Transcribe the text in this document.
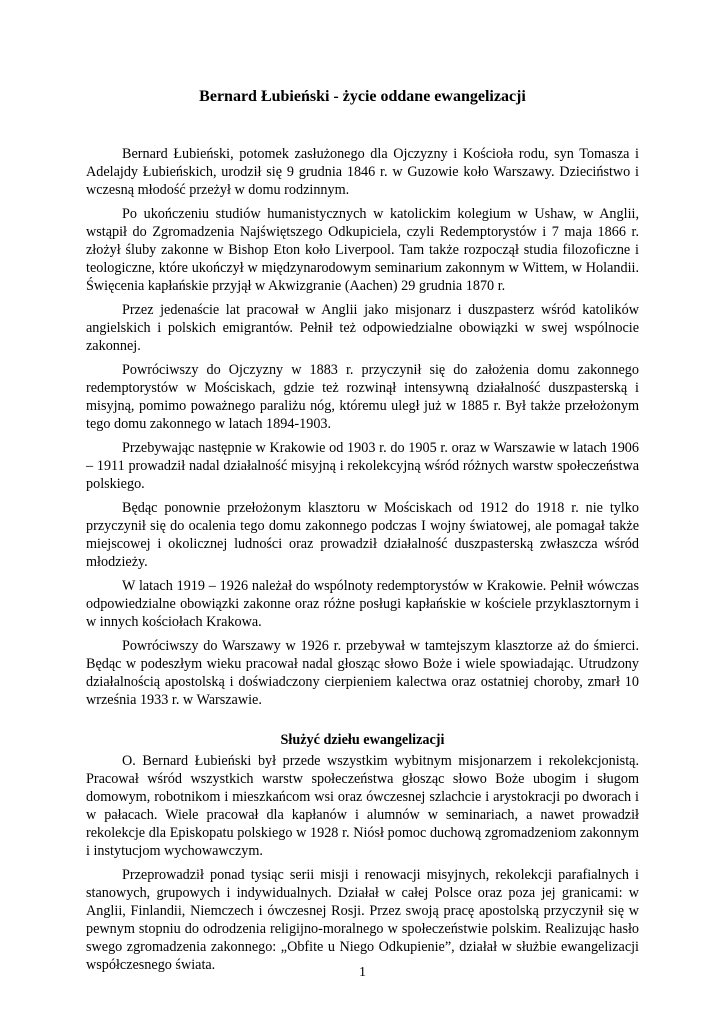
Bernard Łubieński - życie oddane ewangelizacji

Bernard Łubieński, potomek zasłużonego dla Ojczyzny i Kościoła rodu, syn Tomasza i Adelajdy Łubieńskich, urodził się 9 grudnia 1846 r. w Guzowie koło Warszawy. Dzieciństwo i wczesną młodość przeżył w domu rodzinnym.

Po ukończeniu studiów humanistycznych w katolickim kolegium w Ushaw, w Anglii, wstąpił do Zgromadzenia Najświętszego Odkupiciela, czyli Redemptorystów i 7 maja 1866 r. złożył śluby zakonne w Bishop Eton koło Liverpool. Tam także rozpoczął studia filozoficzne i teologiczne, które ukończył w międzynarodowym seminarium zakonnym w Wittem, w Holandii. Święcenia kapłańskie przyjął w Akwizgranie (Aachen) 29 grudnia 1870 r.

Przez jedenaście lat pracował w Anglii jako misjonarz i duszpasterz wśród katolików angielskich i polskich emigrantów. Pełnił też odpowiedzialne obowiązki w swej wspólnocie zakonnej.

Powróciwszy do Ojczyzny w 1883 r. przyczynił się do założenia domu zakonnego redemptorystów w Mościskach, gdzie też rozwinął intensywną działalność duszpasterską i misyjną, pomimo poważnego paraliżu nóg, któremu uległ już w 1885 r. Był także przełożonym tego domu zakonnego w latach 1894-1903.

Przebywając następnie w Krakowie od 1903 r. do 1905 r. oraz w Warszawie w latach 1906 – 1911 prowadził nadal działalność misyjną i rekolekcyjną wśród różnych warstw społeczeństwa polskiego.

Będąc ponownie przełożonym klasztoru w Mościskach od 1912 do 1918 r. nie tylko przyczynił się do ocalenia tego domu zakonnego podczas I wojny światowej, ale pomagał także miejscowej i okolicznej ludności oraz prowadził działalność duszpasterską zwłaszcza wśród młodzieży.

W latach 1919 – 1926 należał do wspólnoty redemptorystów w Krakowie. Pełnił wówczas odpowiedzialne obowiązki zakonne oraz różne posługi kapłańskie w kościele przyklasztornym i w innych kościołach Krakowa.

Powróciwszy do Warszawy w 1926 r. przebywał w tamtejszym klasztorze aż do śmierci. Będąc w podeszłym wieku pracował nadal głosząc słowo Boże i wiele spowiadając. Utrudzony działalnością apostolską i doświadczony cierpieniem kalectwa oraz ostatniej choroby, zmarł 10 września 1933 r. w Warszawie.

Służyć dziełu ewangelizacji

O. Bernard Łubieński był przede wszystkim wybitnym misjonarzem i rekolekcjonistą. Pracował wśród wszystkich warstw społeczeństwa głosząc słowo Boże ubogim i sługom domowym, robotnikom i mieszkańcom wsi oraz ówczesnej szlachcie i arystokracji po dworach i w pałacach. Wiele pracował dla kapłanów i alumnów w seminariach, a nawet prowadził rekolekcje dla Episkopatu polskiego w 1928 r. Niósł pomoc duchową zgromadzeniom zakonnym i instytucjom wychowawczym.

Przeprowadził ponad tysiąc serii misji i renowacji misyjnych, rekolekcji parafialnych i stanowych, grupowych i indywidualnych. Działał w całej Polsce oraz poza jej granicami: w Anglii, Finlandii, Niemczech i ówczesnej Rosji. Przez swoją pracę apostolską przyczynił się w pewnym stopniu do odrodzenia religijno-moralnego w społeczeństwie polskim. Realizując hasło swego zgromadzenia zakonnego: „Obfite u Niego Odkupienie”, działał w służbie ewangelizacji współczesnego świata.	1
